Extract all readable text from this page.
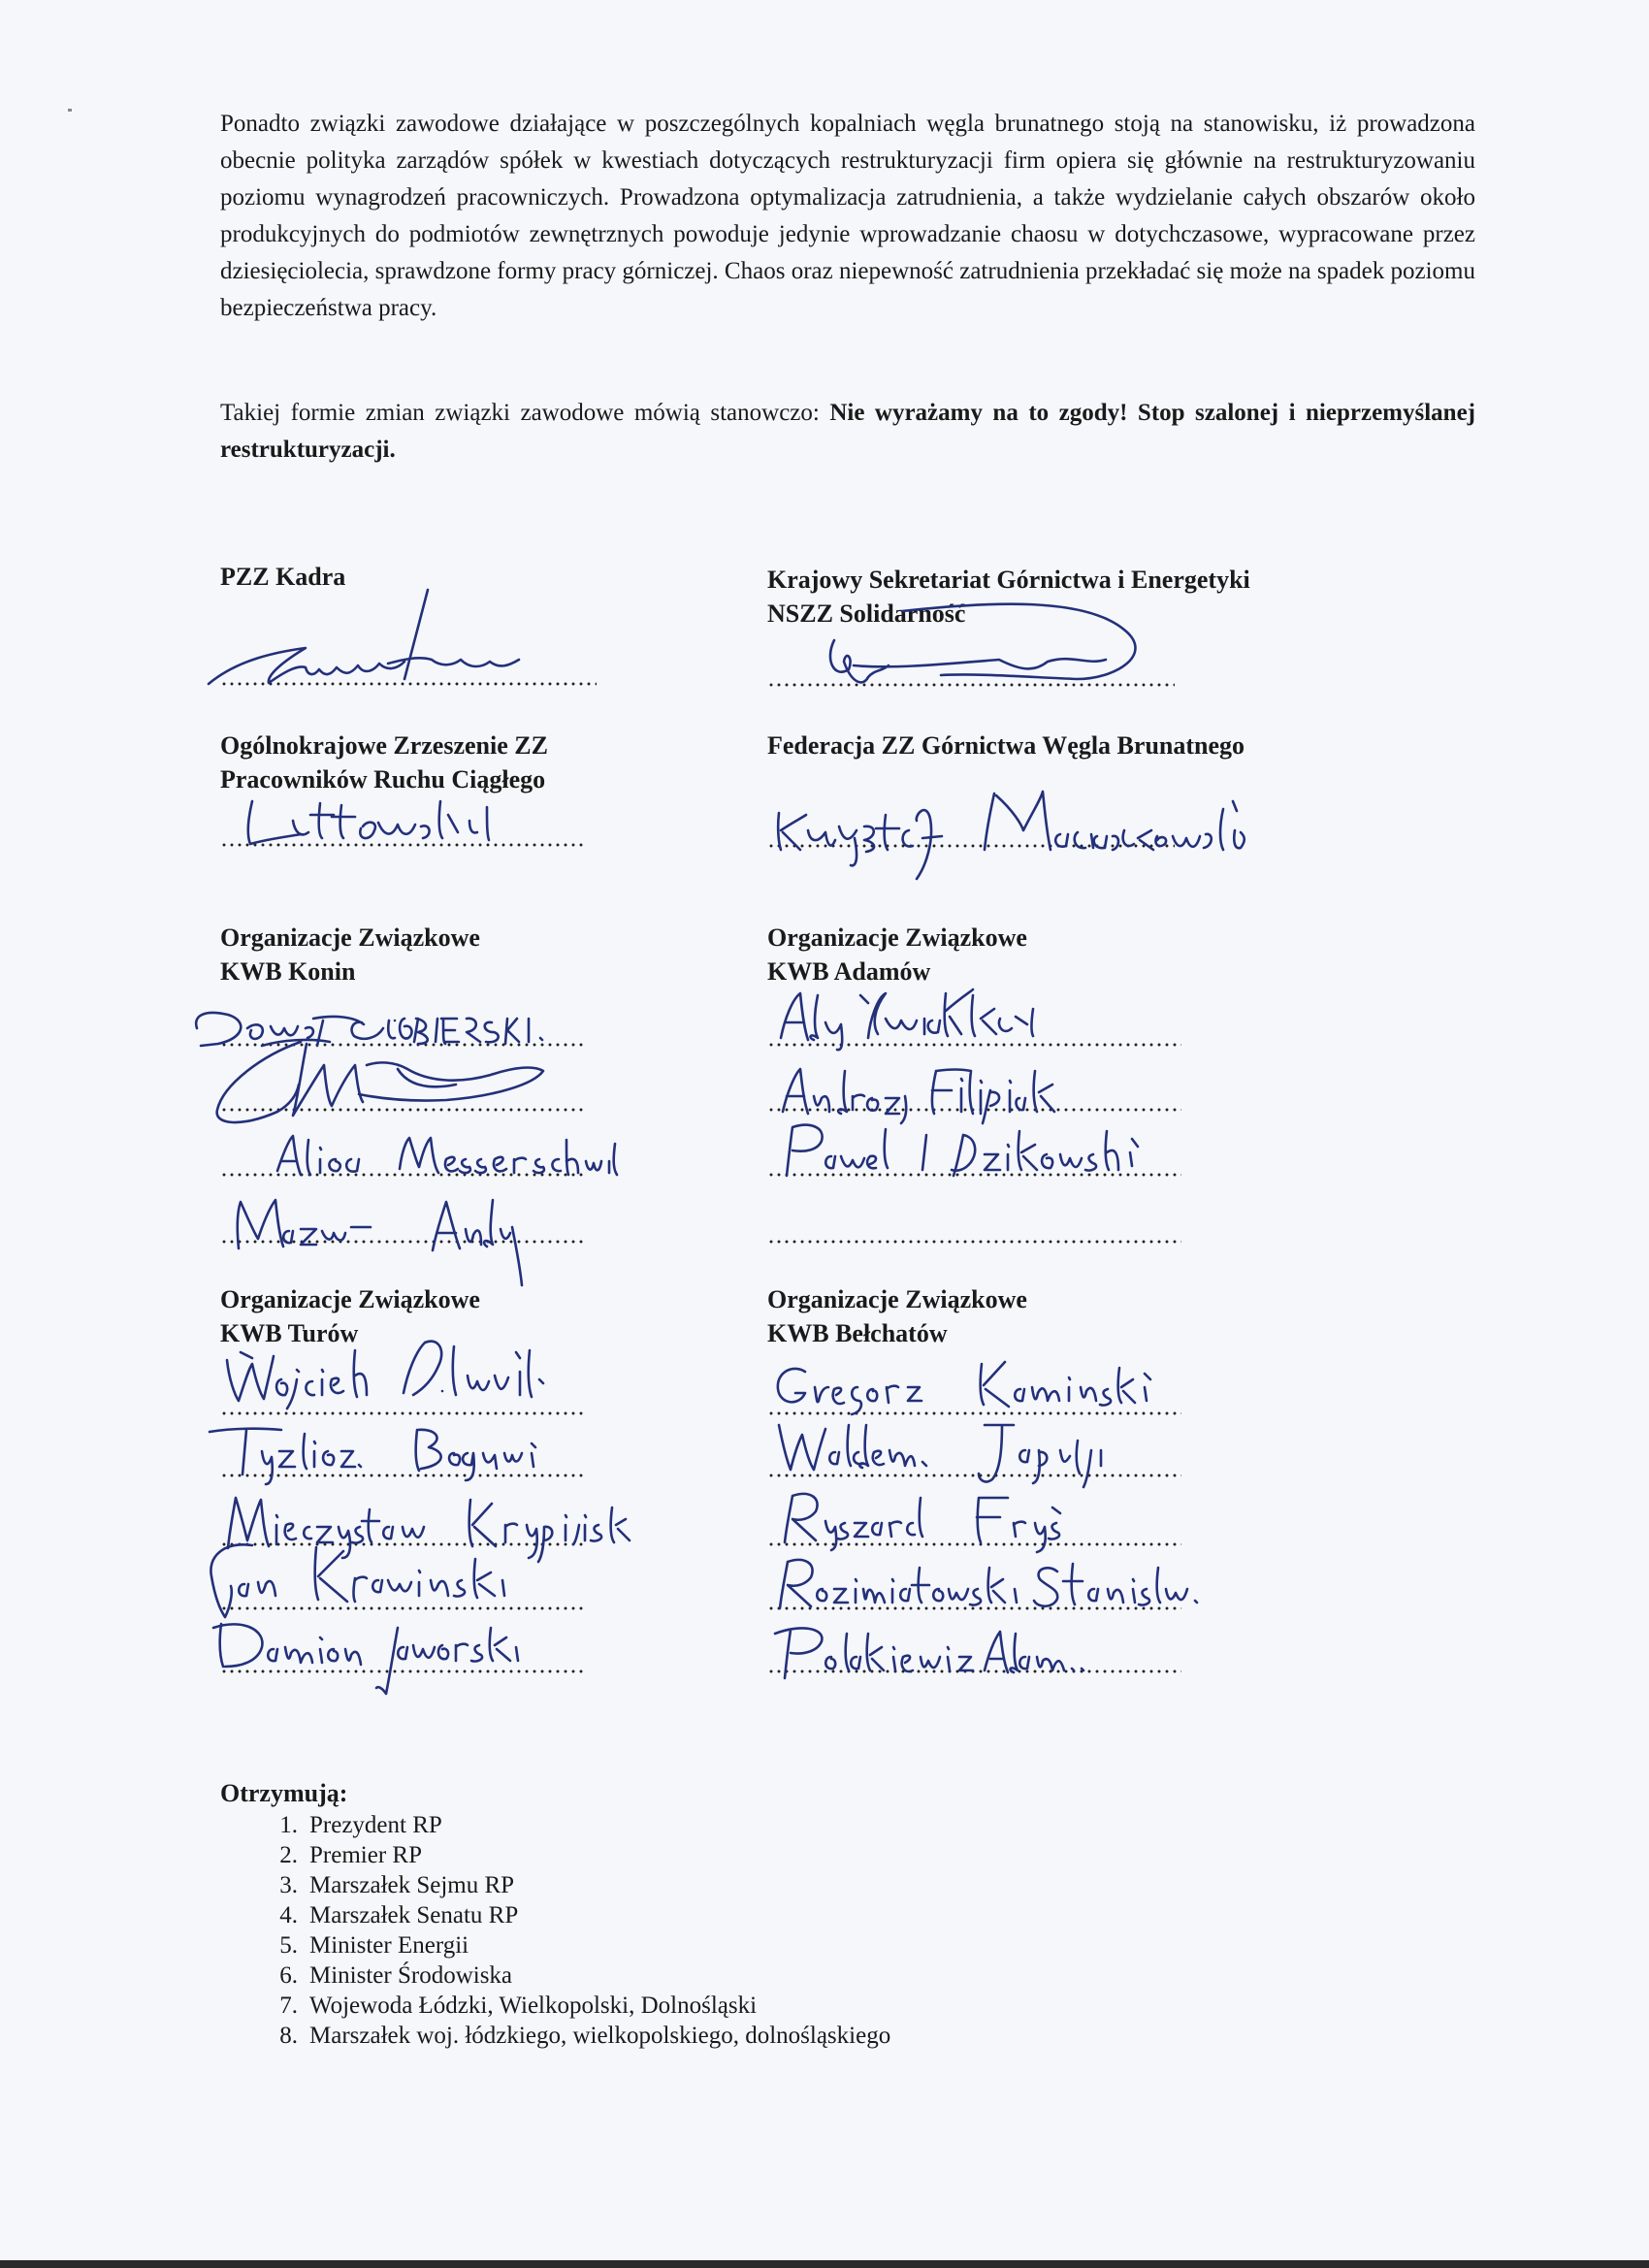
Ponadto związki zawodowe działające w poszczególnych kopalniach węgla brunatnego stoją na stanowisku, iż prowadzona obecnie polityka zarządów spółek w kwestiach dotyczących restrukturyzacji firm opiera się głównie na restrukturyzowaniu poziomu wynagrodzeń pracowniczych. Prowadzona optymalizacja zatrudnienia, a także wydzielanie całych obszarów około produkcyjnych do podmiotów zewnętrznych powoduje jedynie wprowadzanie chaosu w dotychczasowe, wypracowane przez dziesięciolecia, sprawdzone formy pracy górniczej. Chaos oraz niepewność zatrudnienia przekładać się może na spadek poziomu bezpieczeństwa pracy.
Takiej formie zmian związki zawodowe mówią stanowczo: Nie wyrażamy na to zgody! Stop szalonej i nieprzemyślanej restrukturyzacji.
PZZ Kadra	Krajowy Sekretariat Górnictwa i Energetyki
NSZZ Solidarność
Ogólnokrajowe Zrzeszenie ZZ
Pracowników Ruchu Ciągłego
Federacja ZZ Górnictwa Węgla Brunatnego
Organizacje Związkowe
KWB Konin
Organizacje Związkowe
KWB Adamów
Organizacje Związkowe
KWB Turów
Organizacje Związkowe
KWB Bełchatów
Otrzymują:
1. Prezydent RP
2. Premier RP
3. Marszałek Sejmu RP
4. Marszałek Senatu RP
5. Minister Energii
6. Minister Środowiska
7. Wojewoda Łódzki, Wielkopolski, Dolnośląski
8. Marszałek woj. łódzkiego, wielkopolskiego, dolnośląskiego
